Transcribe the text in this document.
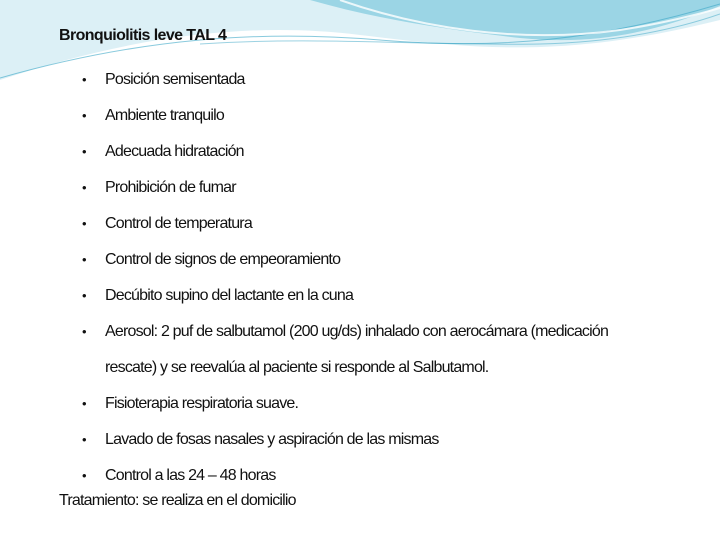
Bronquiolitis leve TAL 4
• Posición semisentada
• Ambiente tranquilo
• Adecuada hidratación
• Prohibición de fumar
• Control de temperatura
• Control de signos de empeoramiento
• Decúbito supino del lactante en la cuna
• Aerosol: 2 puf de salbutamol (200 ug/ds) inhalado con aerocámara (medicación rescate) y se reevalúa al paciente si responde al Salbutamol.
• Fisioterapia respiratoria suave.
• Lavado de fosas nasales y aspiración de las mismas
• Control a las 24 – 48 horas
Tratamiento: se realiza en el domicilio
